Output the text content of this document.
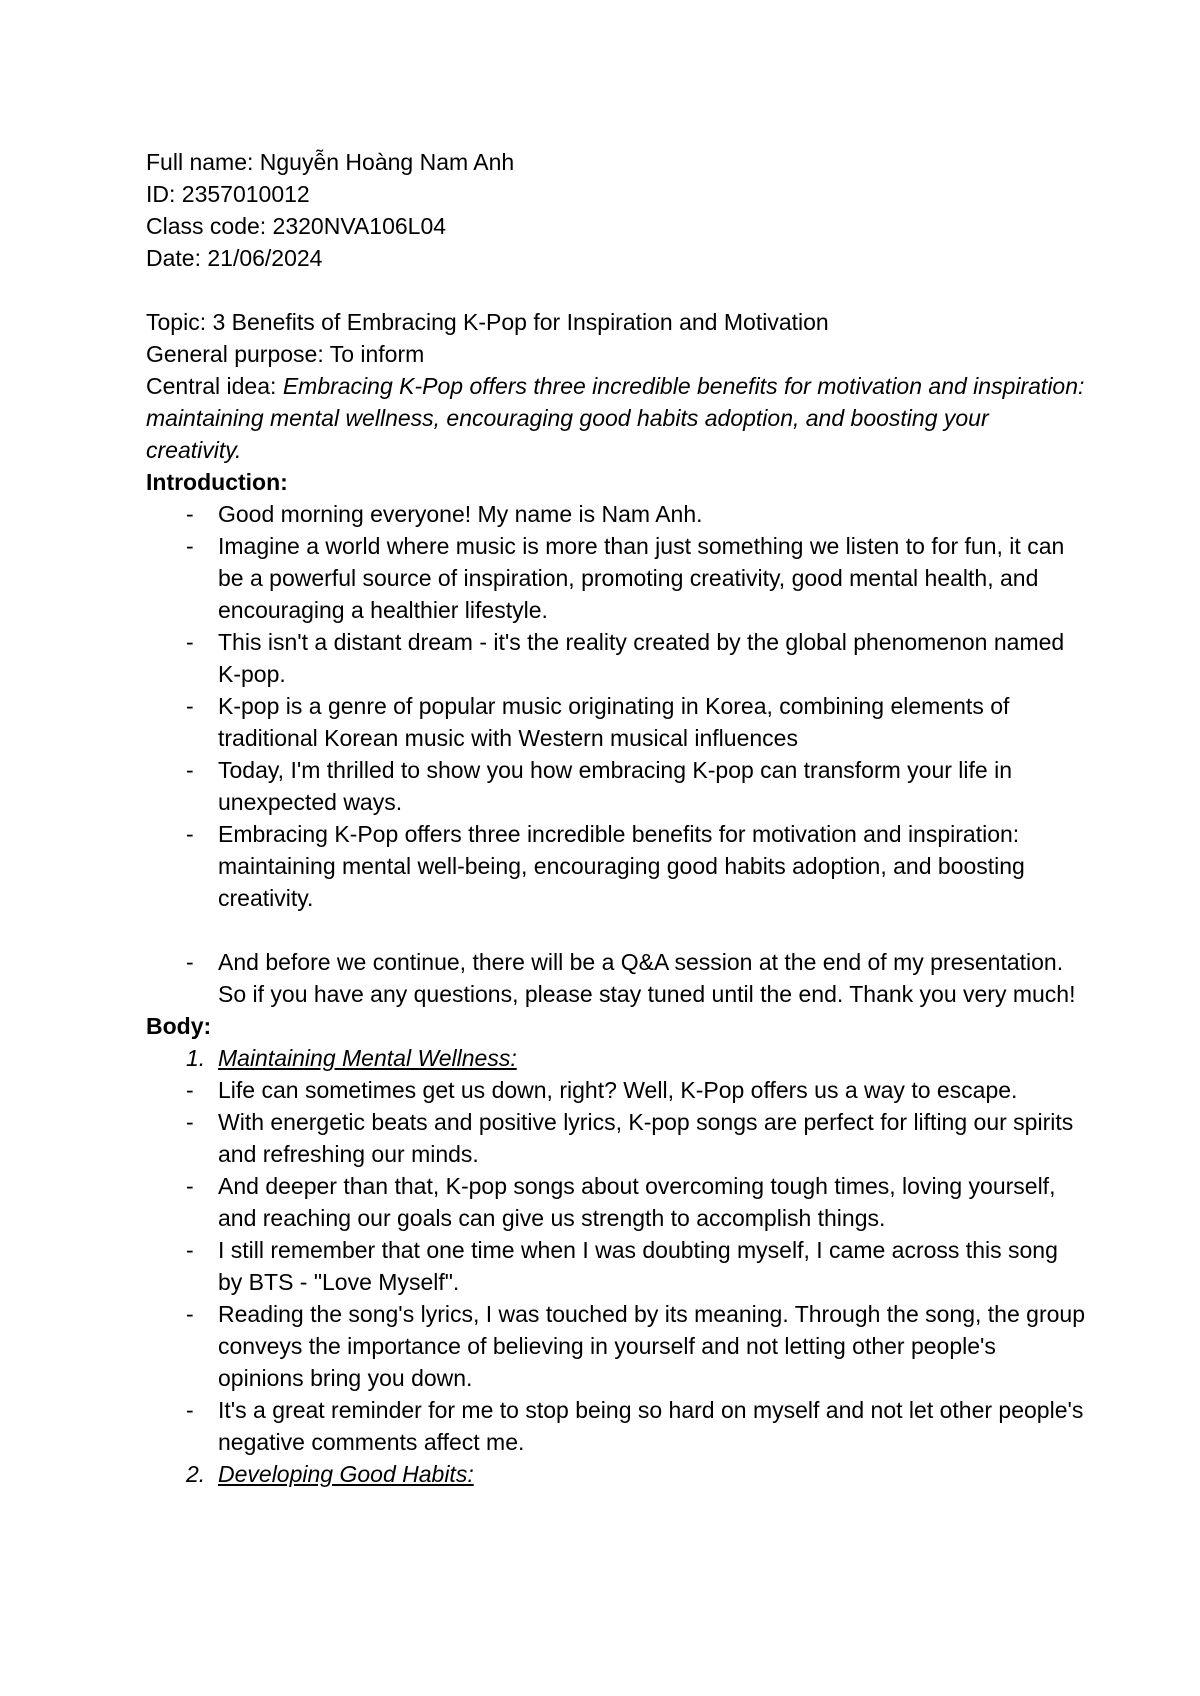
Full name: Nguyễn Hoàng Nam Anh

ID: 2357010012

Class code: 2320NVA106L04

Date: 21/06/2024

Topic: 3 Benefits of Embracing K-Pop for Inspiration and Motivation

General purpose: To inform

Central idea: Embracing K-Pop offers three incredible benefits for motivation and inspiration: maintaining mental wellness, encouraging good habits adoption, and boosting your creativity.

Introduction:

- Good morning everyone! My name is Nam Anh.
- Imagine a world where music is more than just something we listen to for fun, it can be a powerful source of inspiration, promoting creativity, good mental health, and encouraging a healthier lifestyle.
- This isn't a distant dream - it's the reality created by the global phenomenon named K-pop.
- K-pop is a genre of popular music originating in Korea, combining elements of traditional Korean music with Western musical influences
- Today, I'm thrilled to show you how embracing K-pop can transform your life in unexpected ways.
- Embracing K-Pop offers three incredible benefits for motivation and inspiration: maintaining mental well-being, encouraging good habits adoption, and boosting creativity.
- And before we continue, there will be a Q&A session at the end of my presentation. So if you have any questions, please stay tuned until the end. Thank you very much!

Body:

1. Maintaining Mental Wellness:
- Life can sometimes get us down, right? Well, K-Pop offers us a way to escape.
- With energetic beats and positive lyrics, K-pop songs are perfect for lifting our spirits and refreshing our minds.
- And deeper than that, K-pop songs about overcoming tough times, loving yourself, and reaching our goals can give us strength to accomplish things.
- I still remember that one time when I was doubting myself, I came across this song by BTS - "Love Myself".
- Reading the song's lyrics, I was touched by its meaning. Through the song, the group conveys the importance of believing in yourself and not letting other people's opinions bring you down.
- It's a great reminder for me to stop being so hard on myself and not let other people's negative comments affect me.
2. Developing Good Habits:
